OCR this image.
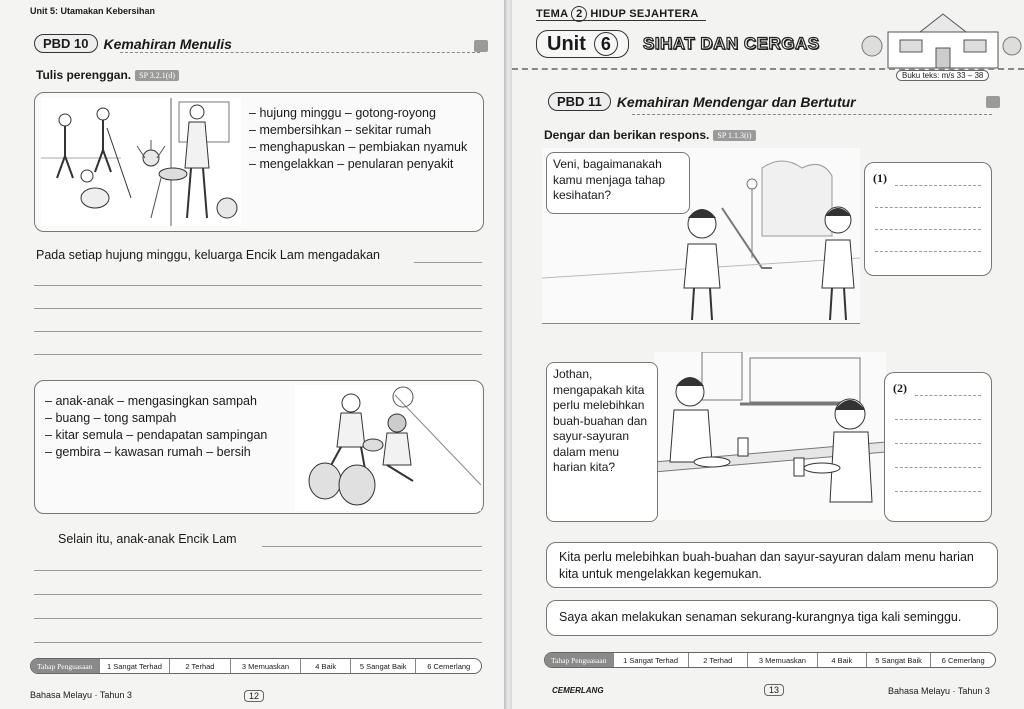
Unit 5: Utamakan Kebersihan
PBD 10	Kemahiran Menulis
Tulis perenggan. SP 3.2.1(d)
– hujung minggu – gotong-royong
– membersihkan – sekitar rumah
– menghapuskan – pembiakan nyamuk
– mengelakkan – penularan penyakit
Pada setiap hujung minggu, keluarga Encik Lam mengadakan
– anak-anak – mengasingkan sampah
– buang – tong sampah
– kitar semula – pendapatan sampingan
– gembira – kawasan rumah – bersih
Selain itu, anak-anak Encik Lam
Tahap Penguasaan	1 Sangat Terhad	2 Terhad	3 Memuaskan	4 Baik	5 Sangat Baik	6 Cemerlang
Bahasa Melayu · Tahun 3	12
TEMA 2 HIDUP SEJAHTERA
Unit 6	SIHAT DAN CERGAS
Buku teks: m/s 33 – 38
PBD 11	Kemahiran Mendengar dan Bertutur
Dengar dan berikan respons. SP 1.1.3(i)
Veni, bagaimanakah kamu menjaga tahap kesihatan?
(1)
Jothan, mengapakah kita perlu melebihkan buah-buahan dan sayur-sayuran dalam menu harian kita?
(2)
Kita perlu melebihkan buah-buahan dan sayur-sayuran dalam menu harian kita untuk mengelakkan kegemukan.
Saya akan melakukan senaman sekurang-kurangnya tiga kali seminggu.
Tahap Penguasaan	1 Sangat Terhad	2 Terhad	3 Memuaskan	4 Baik	5 Sangat Baik	6 Cemerlang
CEMERLANG	13	Bahasa Melayu · Tahun 3
